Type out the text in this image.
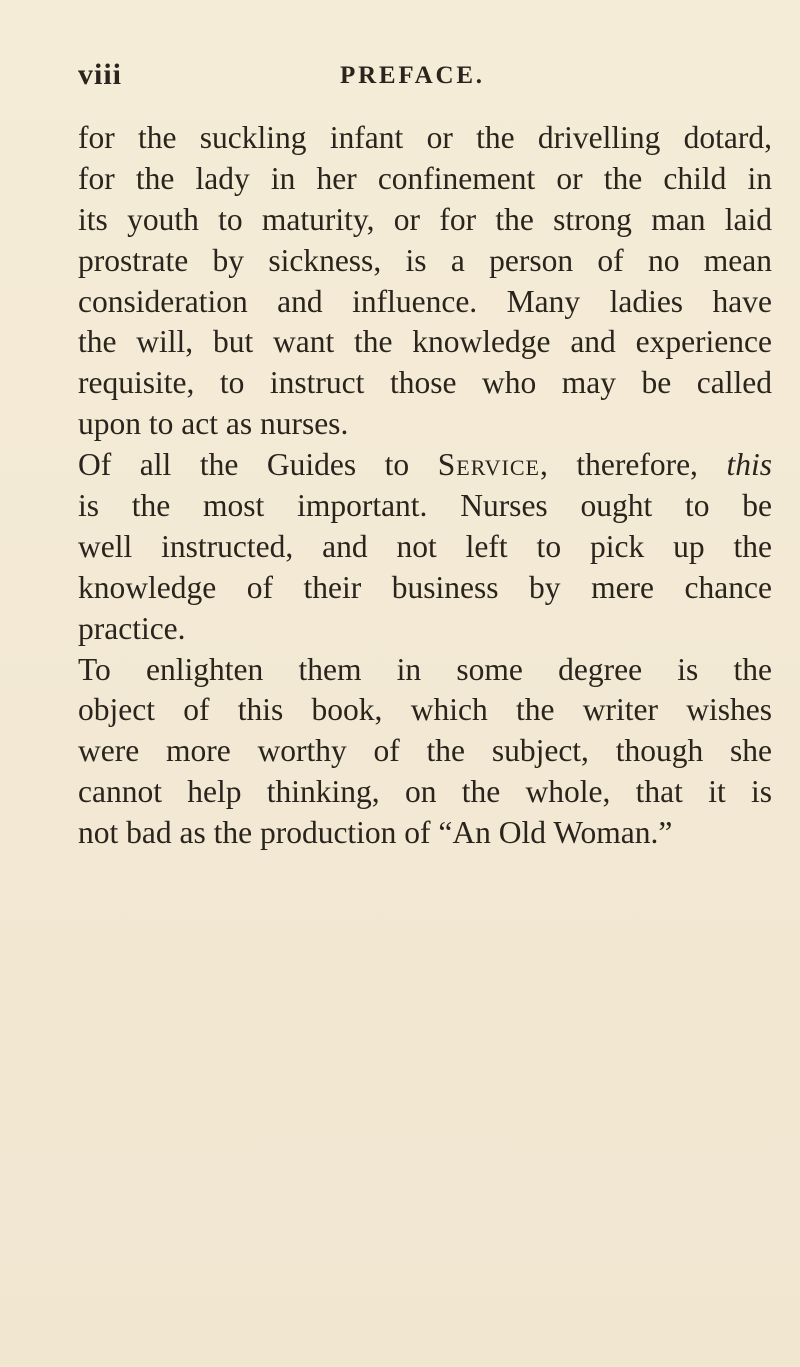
viii	PREFACE.
for the suckling infant or the drivelling dotard,
for the lady in her confinement or the child in
its youth to maturity, or for the strong man laid
prostrate by sickness, is a person of no mean
consideration and influence. Many ladies have
the will, but want the knowledge and experience
requisite, to instruct those who may be called
upon to act as nurses.
Of all the Guides to Service, therefore, this
is the most important. Nurses ought to be
well instructed, and not left to pick up the
knowledge of their business by mere chance
practice.
To enlighten them in some degree is the
object of this book, which the writer wishes
were more worthy of the subject, though she
cannot help thinking, on the whole, that it is
not bad as the production of “An Old Woman.”
